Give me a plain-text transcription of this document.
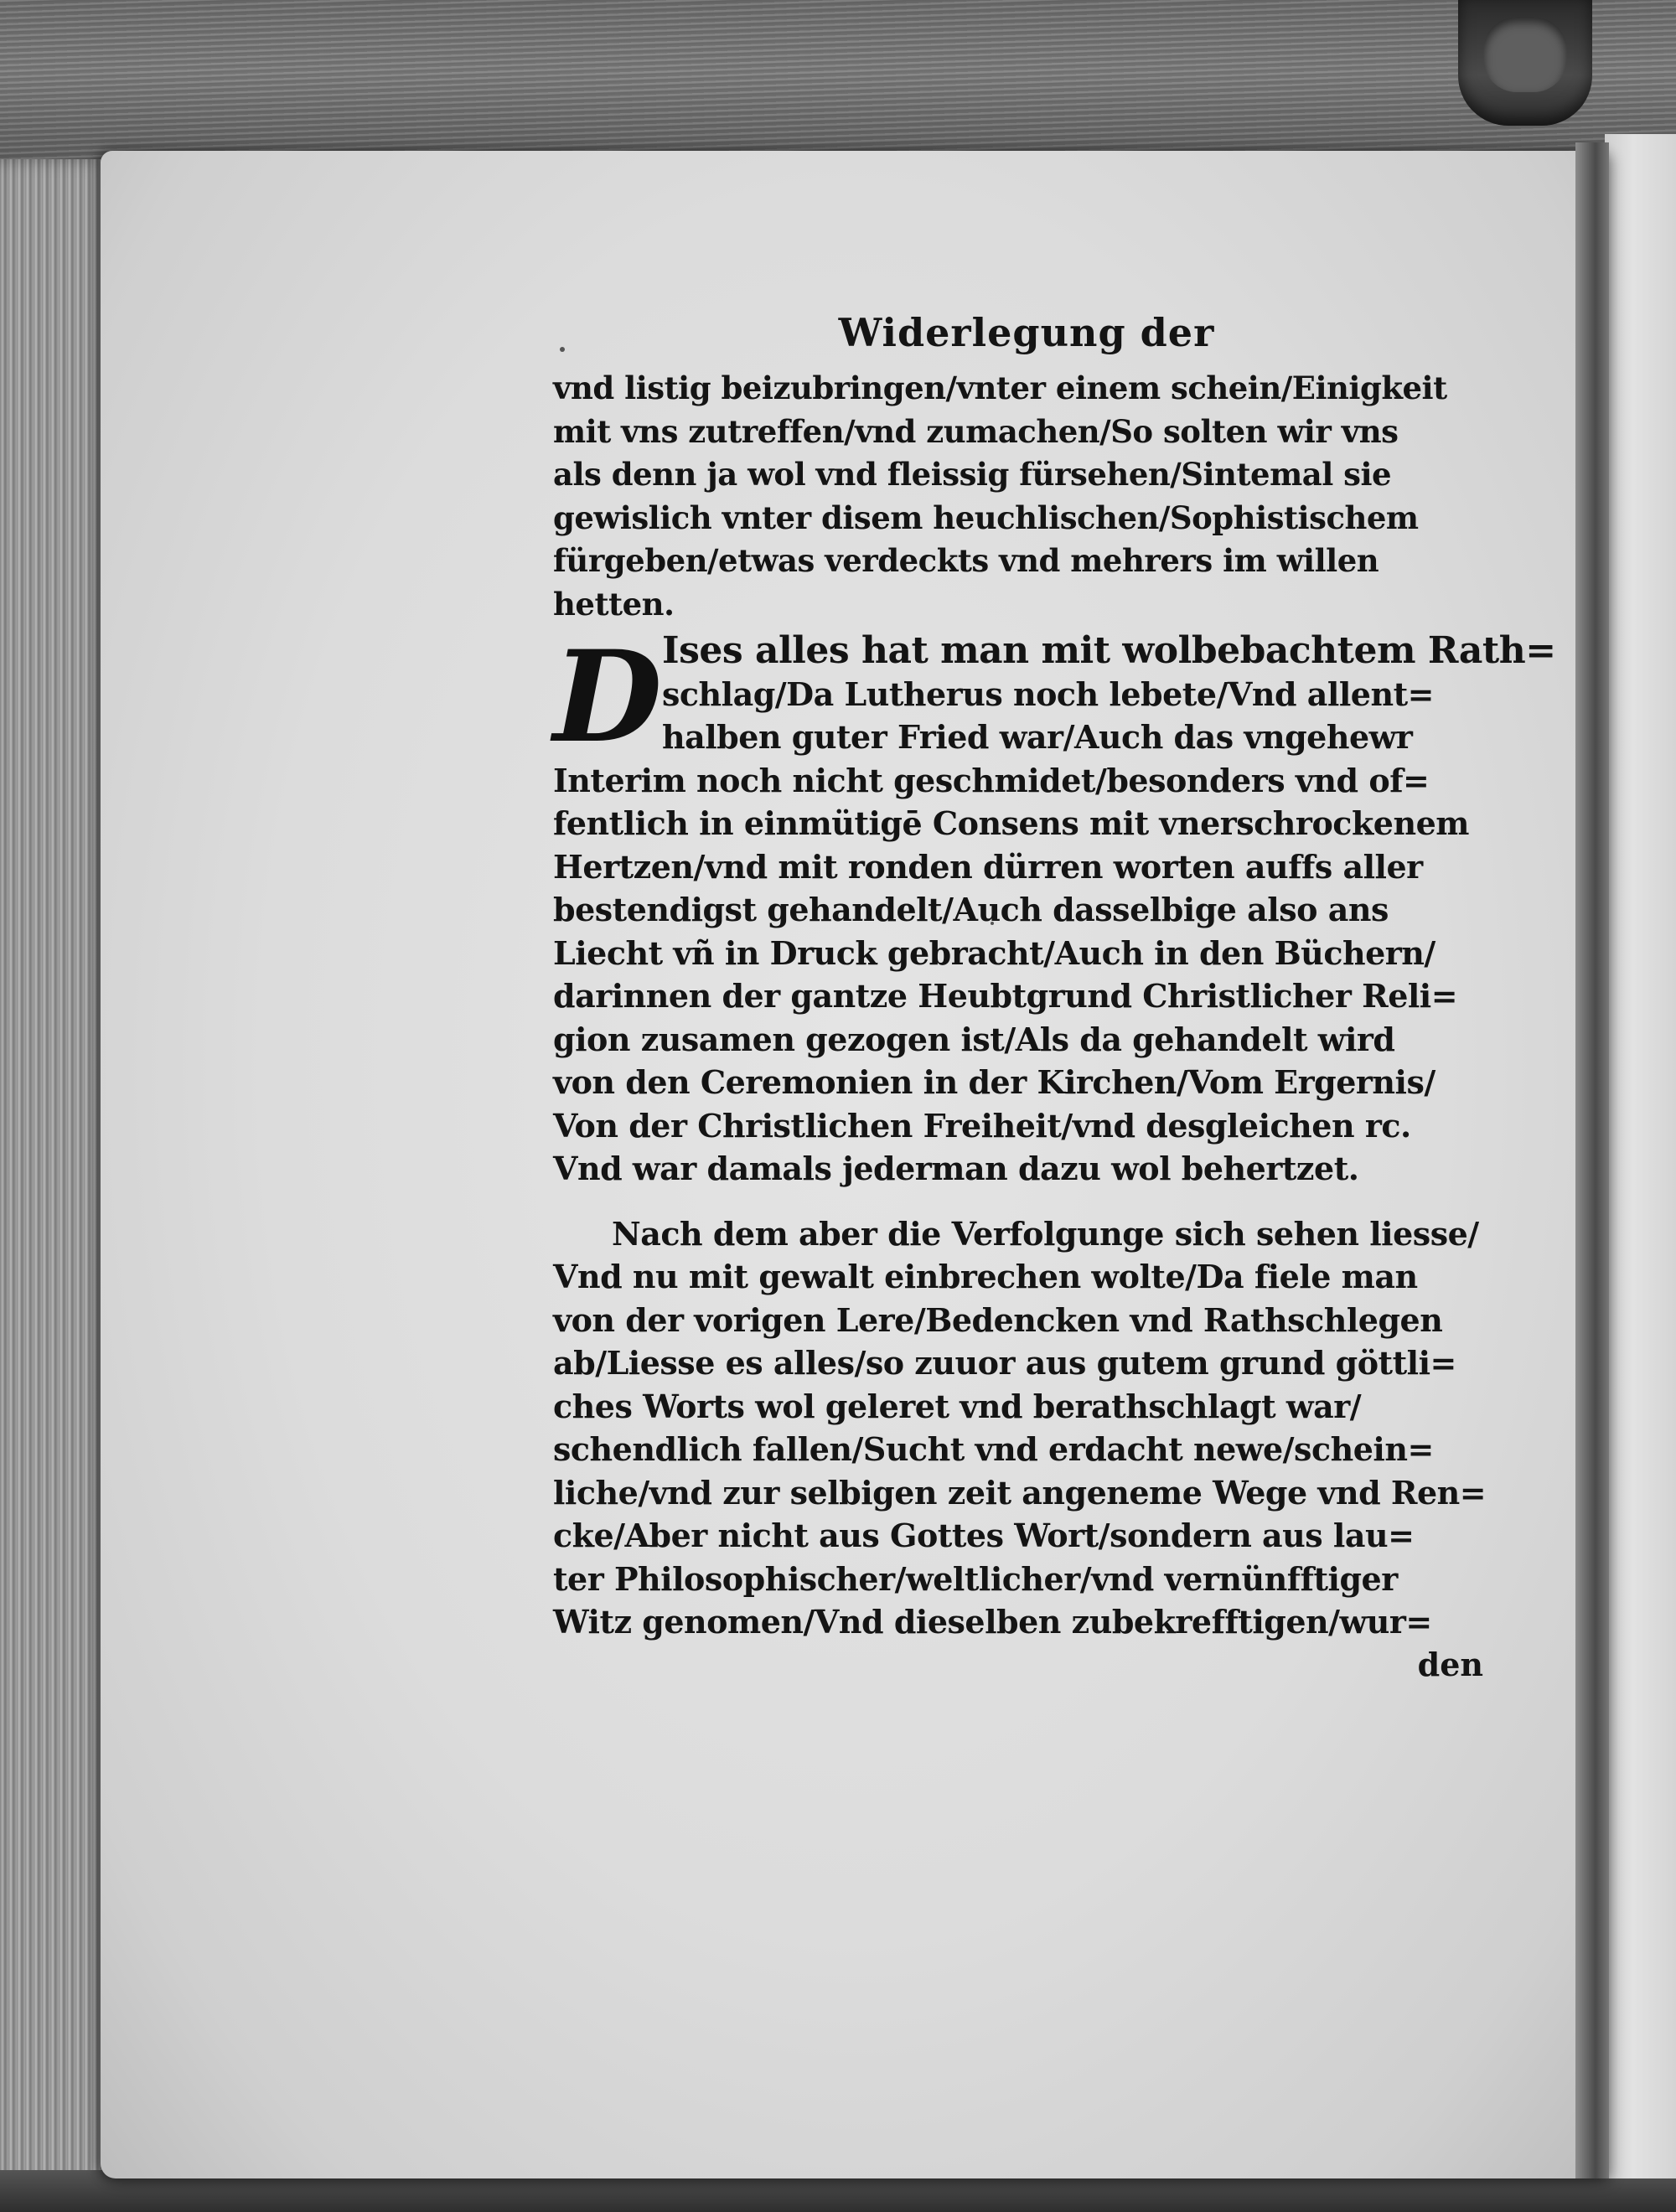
Widerlegung der
vnd listig beizubringen/vnter einem schein/Einigkeit
mit vns zutreffen/vnd zumachen/So solten wir vns
als denn ja wol vnd fleissig fürsehen/Sintemal sie
gewislich vnter disem heuchlischen/Sophistischem
fürgeben/etwas verdeckts vnd mehrers im willen
hetten.
D Ises alles hat man mit wolbebachtem Rath=
schlag/Da Lutherus noch lebete/Vnd allent=
halben guter Fried war/Auch das vngehewr
Interim noch nicht geschmidet/besonders vnd of=
fentlich in einmütigē Consens mit vnerschrockenem
Hertzen/vnd mit ronden dürren worten auffs aller
bestendigst gehandelt/Auch dasselbige also ans
Liecht vñ in Druck gebracht/Auch in den Büchern/
darinnen der gantze Heubtgrund Christlicher Reli=
gion zusamen gezogen ist/Als da gehandelt wird
von den Ceremonien in der Kirchen/Vom Ergernis/
Von der Christlichen Freiheit/vnd desgleichen rc.
Vnd war damals jederman dazu wol behertzet.
Nach dem aber die Verfolgunge sich sehen liesse/
Vnd nu mit gewalt einbrechen wolte/Da fiele man
von der vorigen Lere/Bedencken vnd Rathschlegen
ab/Liesse es alles/so zuuor aus gutem grund göttli=
ches Worts wol geleret vnd berathschlagt war/
schendlich fallen/Sucht vnd erdacht newe/schein=
liche/vnd zur selbigen zeit angeneme Wege vnd Ren=
cke/Aber nicht aus Gottes Wort/sondern aus lau=
ter Philosophischer/weltlicher/vnd vernünfftiger
Witz genomen/Vnd dieselben zubekrefftigen/wur=
den
